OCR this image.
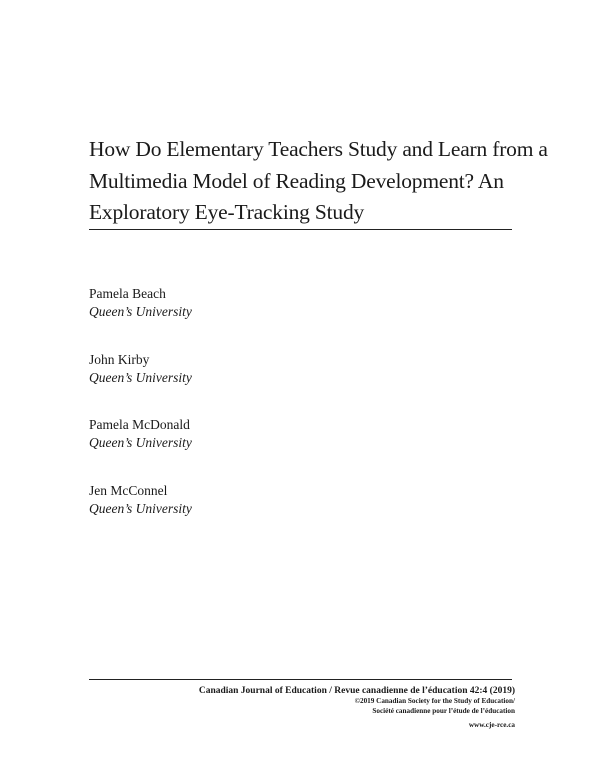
How Do Elementary Teachers Study and Learn from a
Multimedia Model of Reading Development? An
Exploratory Eye-Tracking Study
Pamela Beach
Queen’s University
John Kirby
Queen’s University
Pamela McDonald
Queen’s University
Jen McConnel
Queen’s University
Canadian Journal of Education / Revue canadienne de l’éducation 42:4 (2019)
©2019 Canadian Society for the Study of Education/
Société canadienne pour l’étude de l’éducation
www.cje-rce.ca
